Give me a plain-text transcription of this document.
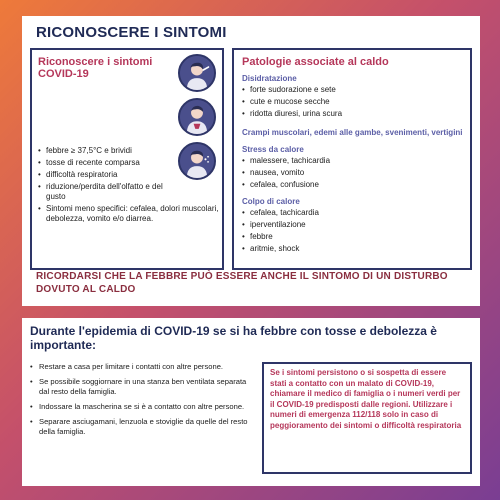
RICONOSCERE I SINTOMI
Riconoscere i sintomi COVID-19
• febbre ≥ 37,5°C e brividi
• tosse di recente comparsa
• difficoltà respiratoria
• riduzione/perdita dell'olfatto e del gusto
• Sintomi meno specifici: cefalea, dolori muscolari, debolezza, vomito e/o diarrea.
Patologie associate al caldo
Disidratazione
• forte sudorazione e sete
• cute e mucose secche
• ridotta diuresi, urina scura
Crampi muscolari, edemi alle gambe, svenimenti, vertigini
Stress da calore
• malessere, tachicardia
• nausea, vomito
• cefalea, confusione
Colpo di calore
• cefalea, tachicardia
• iperventilazione
• febbre
• aritmie, shock
RICORDARSI CHE LA FEBBRE PUÒ ESSERE ANCHE IL SINTOMO DI UN DISTURBO DOVUTO AL CALDO
Durante l'epidemia di COVID-19 se si ha febbre con tosse e debolezza è importante:
• Restare a casa per limitare i contatti con altre persone.
• Se possibile soggiornare in una stanza ben ventilata separata dal resto della famiglia.
• Indossare la mascherina se si è a contatto con altre persone.
• Separare asciugamani, lenzuola e stoviglie da quelle del resto della famiglia.
Se i sintomi persistono o si sospetta di essere stati a contatto con un malato di COVID-19, chiamare il medico di famiglia o i numeri verdi per il COVID-19 predisposti dalle regioni. Utilizzare i numeri di emergenza 112/118 solo in caso di peggioramento dei sintomi o difficoltà respiratoria
